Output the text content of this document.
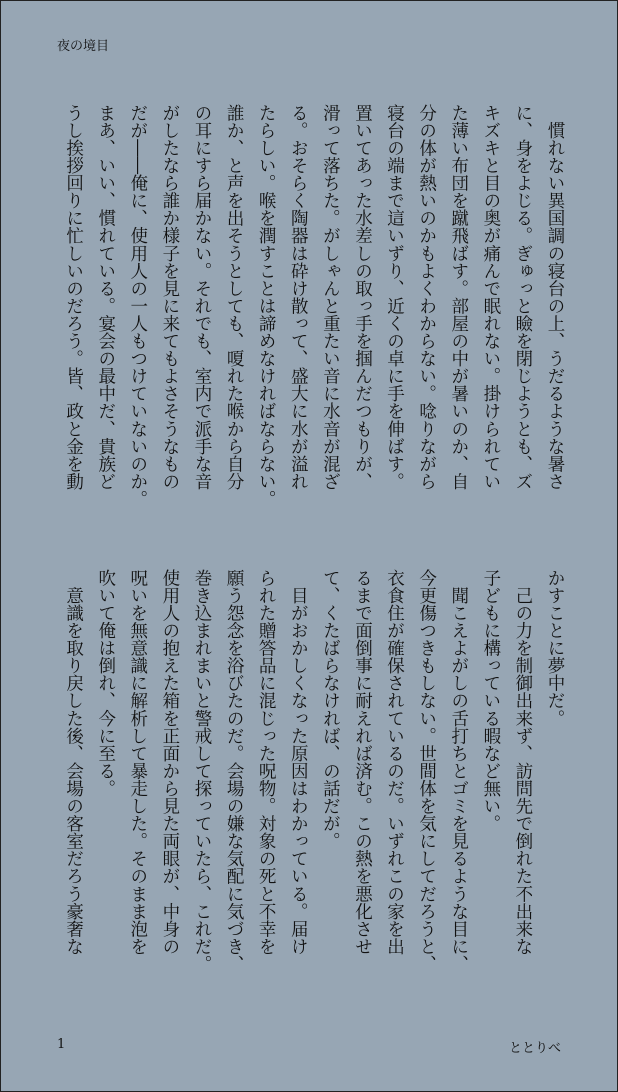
夜の境目
　慣れない異国調の寝台の上、うだるような暑さ
に、身をよじる。ぎゅっと瞼を閉じようとも、ズ
キズキと目の奥が痛んで眠れない。掛けられてい
た薄い布団を蹴飛ばす。部屋の中が暑いのか、自
分の体が熱いのかもよくわからない。唸りながら
寝台の端まで這いずり、近くの卓に手を伸ばす。
置いてあった水差しの取っ手を掴んだつもりが、
滑って落ちた。がしゃんと重たい音に水音が混ざ
る。おそらく陶器は砕け散って、盛大に水が溢れ
たらしい。喉を潤すことは諦めなければならない。
誰か、と声を出そうとしても、嗄れた喉から自分
の耳にすら届かない。それでも、室内で派手な音
がしたなら誰か様子を見に来てもよさそうなもの
だが――俺に、使用人の一人もつけていないのか。
まあ、いい、慣れている。宴会の最中だ、貴族ど
うし挨拶回りに忙しいのだろう。皆、政と金を動
かすことに夢中だ。
　己の力を制御出来ず、訪問先で倒れた不出来な
子どもに構っている暇など無い。
　聞こえよがしの舌打ちとゴミを見るような目に、
今更傷つきもしない。世間体を気にしてだろうと、
衣食住が確保されているのだ。いずれこの家を出
るまで面倒事に耐えれば済む。この熱を悪化させ
て、くたばらなければ、の話だが。
　目がおかしくなった原因はわかっている。届け
られた贈答品に混じった呪物。対象の死と不幸を
願う怨念を浴びたのだ。会場の嫌な気配に気づき、
巻き込まれまいと警戒して探っていたら、これだ。
使用人の抱えた箱を正面から見た両眼が、中身の
呪いを無意識に解析して暴走した。そのまま泡を
吹いて俺は倒れ、今に至る。
　意識を取り戻した後、会場の客室だろう豪奢な
1	ととりべ
